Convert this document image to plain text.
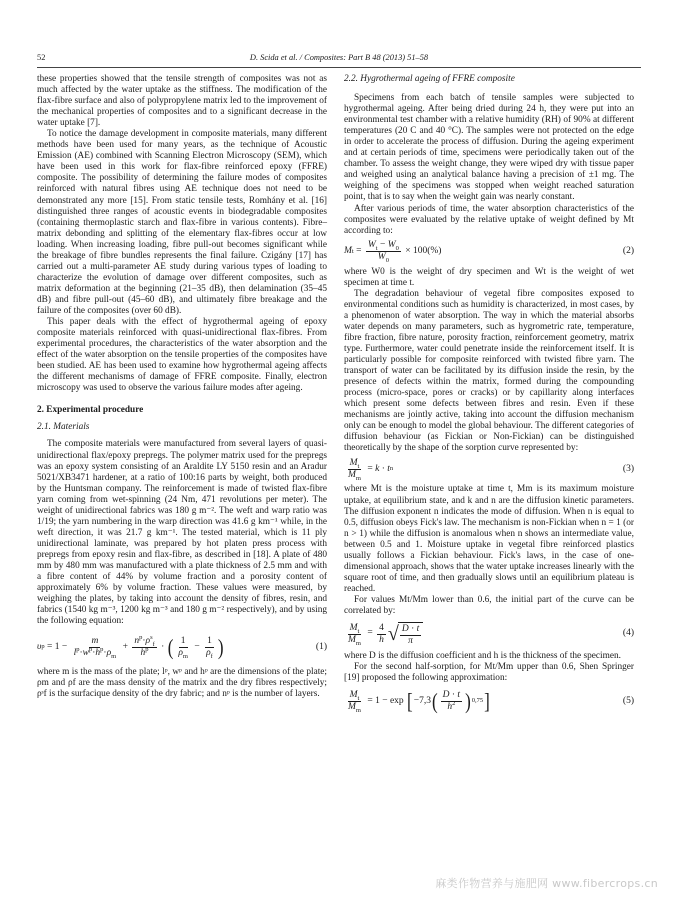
52	D. Scida et al. / Composites: Part B 48 (2013) 51–58

these properties showed that the tensile strength of composites was not as much affected by the water uptake as the stiffness. The modification of the flax-fibre surface and also of polypropylene matrix led to the improvement of the mechanical properties of composites and to a significant decrease in the water uptake [7].

To notice the damage development in composite materials, many different methods have been used for many years, as the technique of Acoustic Emission (AE) combined with Scanning Electron Microscopy (SEM), which have been used in this work for flax-fibre reinforced epoxy (FFRE) composite. The possibility of determining the failure modes of composites reinforced with natural fibres using AE technique does not need to be demonstrated any more [15]. From static tensile tests, Romhány et al. [16] distinguished three ranges of acoustic events in biodegradable composites (containing thermoplastic starch and flax-fibre in various contents). Fibre–matrix debonding and splitting of the elementary flax-fibres occur at low loading. When increasing loading, fibre pull-out becomes significant while the breakage of fibre bundles represents the final failure. Czigány [17] has carried out a multi-parameter AE study during various types of loading to characterize the evolution of damage over different composites, such as matrix deformation at the beginning (21–35 dB), then delamination (35–45 dB) and fibre pull-out (45–60 dB), and ultimately fibre breakage and the failure of the composites (over 60 dB).

This paper deals with the effect of hygrothermal ageing of epoxy composite materials reinforced with quasi-unidirectional flax-fibres. From experimental procedures, the characteristics of the water absorption and the effect of the water absorption on the tensile properties of the composites have been studied. AE has been used to examine how hygrothermal ageing affects the different mechanisms of damage of FFRE composite. Finally, electron microscopy was used to observe the various failure modes after ageing.

2. Experimental procedure
2.1. Materials

The composite materials were manufactured from several layers of quasi-unidirectional flax/epoxy prepregs. The polymer matrix used for the prepregs was an epoxy system consisting of an Araldite LY 5150 resin and an Aradur 5021/XB3471 hardener, at a ratio of 100:16 parts by weight, both produced by the Huntsman company. The reinforcement is made of twisted flax-fibre yarn coming from wet-spinning (24 Nm, 471 revolutions per meter). The weight of unidirectional fabrics was 180 g m⁻². The weft and warp ratio was 1/19; the yarn numbering in the warp direction was 41.6 g km⁻¹ while, in the weft direction, it was 21.7 g km⁻¹. The tested material, which is 11 ply unidirectional laminate, was prepared by hot platen press process with prepregs from epoxy resin and flax-fibre, as described in [18]. A plate of 480 mm by 480 mm was manufactured with a plate thickness of 2.5 mm and with a fibre content of 44% by volume fraction and a porosity content of approximately 6% by volume fraction. These values were measured, by weighing the plates, by taking into account the density of fibres, resin, and fabrics (1540 kg m⁻³, 1200 kg m⁻³ and 180 g m⁻² respectively), and by using the following equation:

υ $p = 1 - \frac{m}{l^p\cdot w^p\cdot h^p\cdot\rho_m} + \frac{n^p\cdot\rho^s_f}{h^p}$ · ( $\frac{1}{\rho_m} - \frac{1}{\rho_f}$ )	(1)

where m is the mass of the plate; lᵖ, wᵖ and hᵖ are the dimensions of the plate; ρm and ρf are the mass density of the matrix and the dry fibres respectively; ρˢf is the surfacique density of the dry fabric; and nᵖ is the number of layers.

2.2. Hygrothermal ageing of FFRE composite

Specimens from each batch of tensile samples were subjected to hygrothermal ageing. After being dried during 24 h, they were put into an environmental test chamber with a relative humidity (RH) of 90% at different temperatures (20 C and 40 °C). The samples were not protected on the edge in order to accelerate the process of diffusion. During the ageing experiment and at certain periods of time, specimens were periodically taken out of the chamber. To assess the weight change, they were wiped dry with tissue paper and weighed using an analytical balance having a precision of ±1 mg. The weighing of the specimens was stopped when weight reached saturation point, that is to say when the weight gain was nearly constant.

After various periods of time, the water absorption characteristics of the composites were evaluated by the relative uptake of weight defined by Mt according to:

M $t = \frac{W_t - W_0}{W_0} \times 100(\%)$	(2)

where W0 is the weight of dry specimen and Wt is the weight of wet specimen at time t.

The degradation behaviour of vegetal fibre composites exposed to environmental conditions such as humidity is characterized, in most cases, by a phenomenon of water absorption. The way in which the material absorbs water depends on many parameters, such as hygrometric rate, temperature, fibre fraction, fibre nature, porosity fraction, reinforcement geometry, matrix type. Furthermore, water could penetrate inside the reinforcement itself. It is particularly possible for composite reinforced with twisted fibre yarn. The transport of water can be facilitated by its diffusion inside the resin, by the presence of defects within the matrix, formed during the compounding process (micro-space, pores or cracks) or by capillarity along interfaces which present some defects between fibres and resin. Even if these mechanisms are jointly active, taking into account the diffusion mechanism only can be enough to model the global behaviour. The different categories of diffusion behaviour (as Fickian or Non-Fickian) can be distinguished theoretically by the shape of the sorption curve represented by:

$\frac{M_t}{M_m} = k \cdot t$ n	(3)

where Mt is the moisture uptake at time t, Mm is its maximum moisture uptake, at equilibrium state, and k and n are the diffusion kinetic parameters. The diffusion exponent n indicates the mode of diffusion. When n is equal to 0.5, diffusion obeys Fick's law. The mechanism is non-Fickian when n = 1 (or n > 1) while the diffusion is anomalous when n shows an intermediate value, between 0.5 and 1. Moisture uptake in vegetal fibre reinforced plastics usually follows a Fickian behaviour. Fick's laws, in the case of one-dimensional approach, shows that the water uptake increases linearly with the square root of time, and then gradually slows until an equilibrium plateau is reached.

For values Mt/Mm lower than 0.6, the initial part of the curve can be correlated by:

$\frac{M_t}{M_m} = \frac{4}{h}$ √ $\frac{D \cdot t}{\pi}$	(4)

where D is the diffusion coefficient and h is the thickness of the specimen.

For the second half-sorption, for Mt/Mm upper than 0.6, Shen Springer [19] proposed the following approximation:

$\frac{M_t}{M_m} = 1 - \exp$ [ −7,3 ( $\frac{D \cdot t}{h^2}$ ) 0,75 ]	(5)
麻类作物营养与施肥网 www.fibercrops.cn
